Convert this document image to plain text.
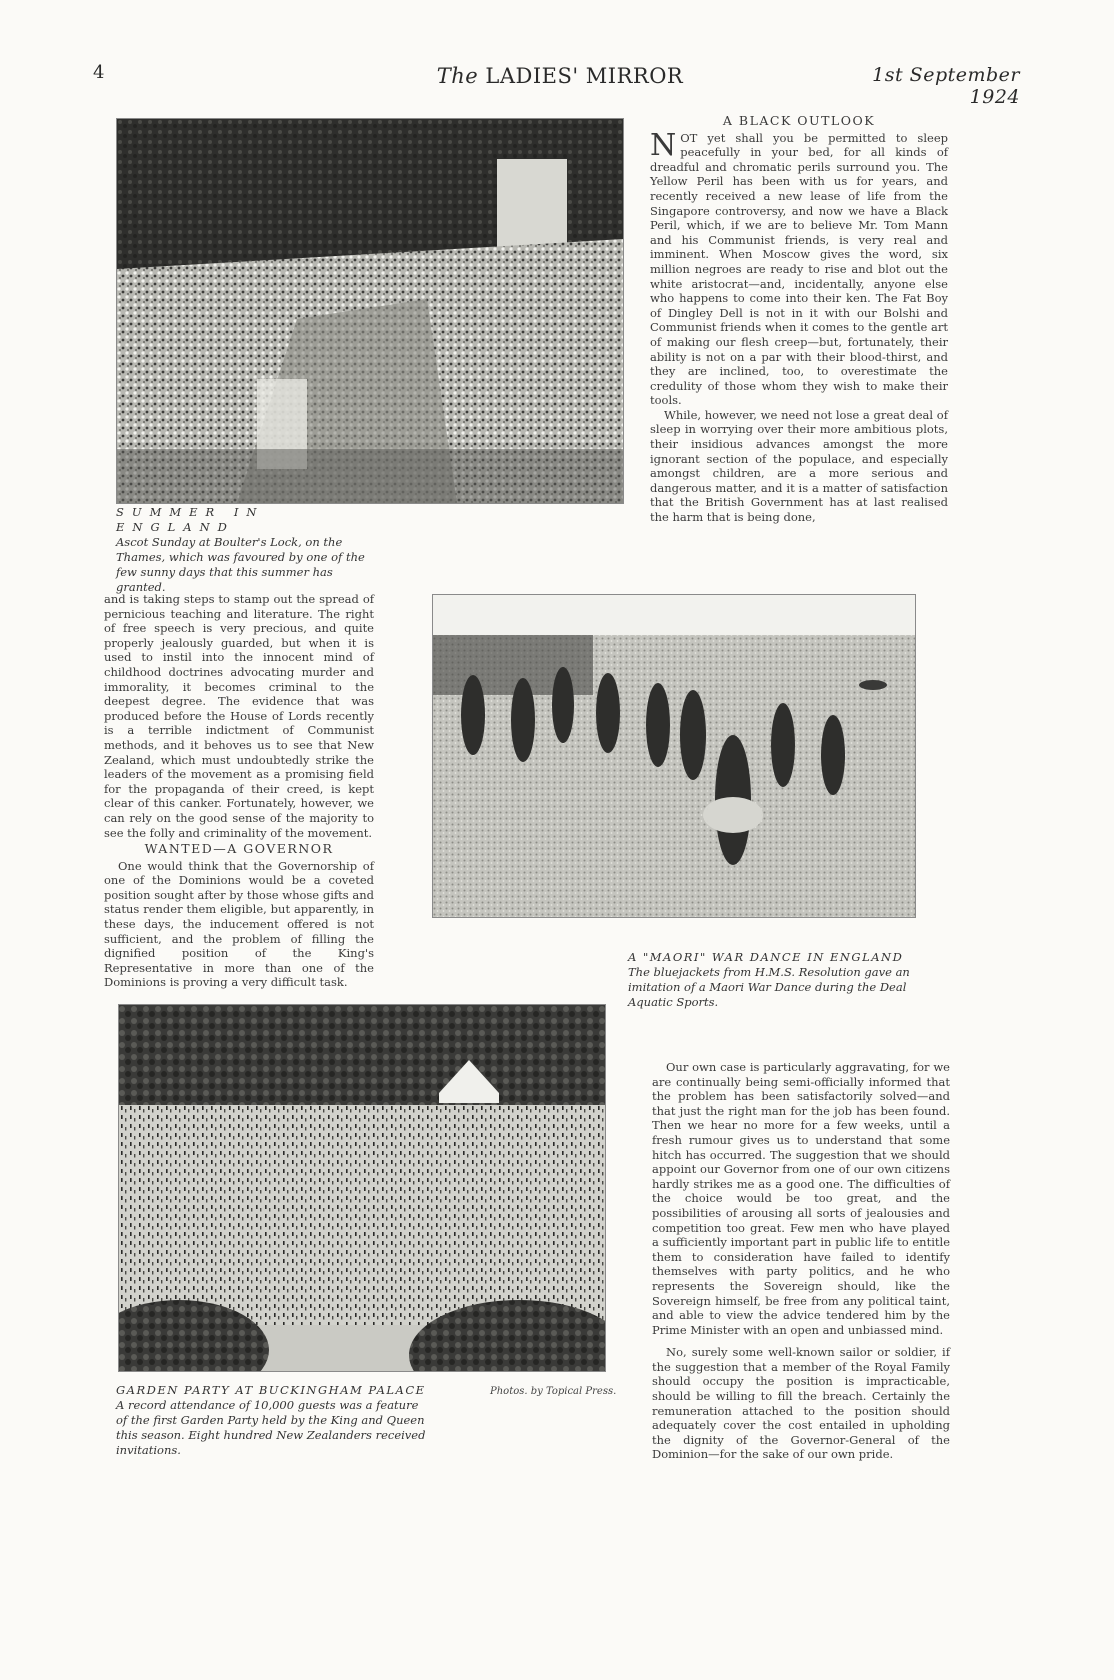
4	The LADIES' MIRROR	1st September 1924
SUMMER IN ENGLAND
Ascot Sunday at Boulter's Lock, on the Thames, which was favoured by one of the few sunny days that this summer has granted.
A BLACK OUTLOOK

NOT yet shall you be permitted to sleep peacefully in your bed, for all kinds of dreadful and chromatic perils surround you. The Yellow Peril has been with us for years, and recently received a new lease of life from the Singapore controversy, and now we have a Black Peril, which, if we are to believe Mr. Tom Mann and his Communist friends, is very real and imminent. When Moscow gives the word, six million negroes are ready to rise and blot out the white aristocrat—and, incidentally, anyone else who happens to come into their ken. The Fat Boy of Dingley Dell is not in it with our Bolshi and Communist friends when it comes to the gentle art of making our flesh creep—but, fortunately, their ability is not on a par with their blood-thirst, and they are inclined, too, to overestimate the credulity of those whom they wish to make their tools.

While, however, we need not lose a great deal of sleep in worrying over their more ambitious plots, their insidious advances amongst the more ignorant section of the populace, and especially amongst children, are a more serious and dangerous matter, and it is a matter of satisfaction that the British Government has at last realised the harm that is being done,

and is taking steps to stamp out the spread of pernicious teaching and literature. The right of free speech is very precious, and quite properly jealously guarded, but when it is used to instil into the innocent mind of childhood doctrines advocating murder and immorality, it becomes criminal to the deepest degree. The evidence that was produced before the House of Lords recently is a terrible indictment of Communist methods, and it behoves us to see that New Zealand, which must undoubtedly strike the leaders of the movement as a promising field for the propaganda of their creed, is kept clear of this canker. Fortunately, however, we can rely on the good sense of the majority to see the folly and criminality of the movement.

WANTED—A GOVERNOR

One would think that the Governorship of one of the Dominions would be a coveted position sought after by those whose gifts and status render them eligible, but apparently, in these days, the inducement offered is not sufficient, and the problem of filling the dignified position of the King's Representative in more than one of the Dominions is proving a very difficult task.

A "MAORI" WAR DANCE IN ENGLAND
The bluejackets from H.M.S. Resolution gave an imitation of a Maori War Dance during the Deal Aquatic Sports.
GARDEN PARTY AT BUCKINGHAM PALACE
A record attendance of 10,000 guests was a feature of the first Garden Party held by the King and Queen this season. Eight hundred New Zealanders received invitations.
Photos. by Topical Press.

Our own case is particularly aggravating, for we are continually being semi-officially informed that the problem has been satisfactorily solved—and that just the right man for the job has been found. Then we hear no more for a few weeks, until a fresh rumour gives us to understand that some hitch has occurred. The suggestion that we should appoint our Governor from one of our own citizens hardly strikes me as a good one. The difficulties of the choice would be too great, and the possibilities of arousing all sorts of jealousies and competition too great. Few men who have played a sufficiently important part in public life to entitle them to consideration have failed to identify themselves with party politics, and he who represents the Sovereign should, like the Sovereign himself, be free from any political taint, and able to view the advice tendered him by the Prime Minister with an open and unbiassed mind.

No, surely some well-known sailor or soldier, if the suggestion that a member of the Royal Family should occupy the position is impracticable, should be willing to fill the breach. Certainly the remuneration attached to the position should adequately cover the cost entailed in upholding the dignity of the Governor-General of the Dominion—for the sake of our own pride.
